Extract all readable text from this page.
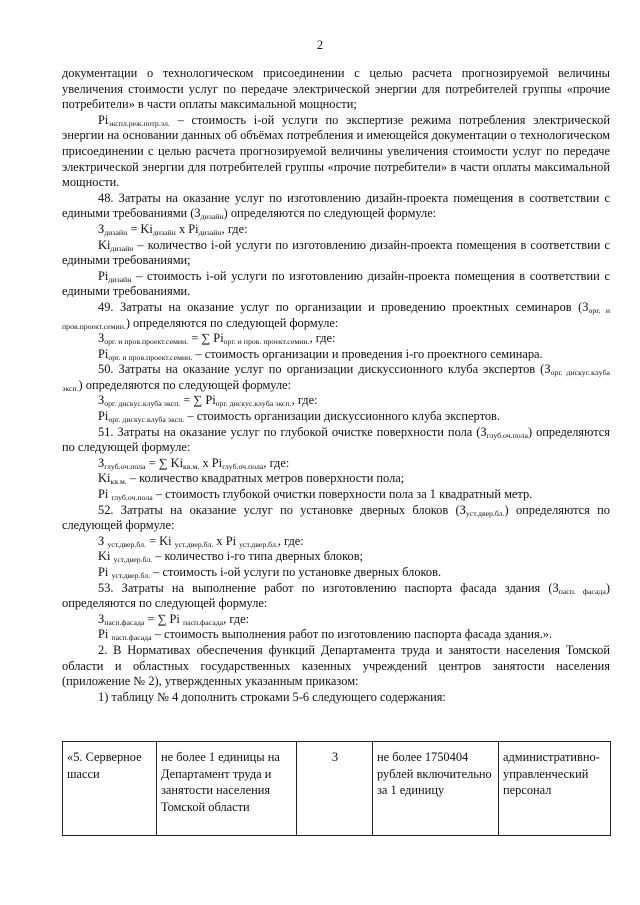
2

документации о технологическом присоединении с целью расчета прогнозируемой величины увеличения стоимости услуг по передаче электрической энергии для потребителей группы «прочие потребители» в части оплаты максимальной мощности;

$Pi_{экспл.реж.потр.эл.}$ – стоимость i-ой услуги по экспертизе режима потребления электрической энергии на основании данных об объёмах потребления и имеющейся документации о технологическом присоединении с целью расчета прогнозируемой величины увеличения стоимости услуг по передаче электрической энергии для потребителей группы «прочие потребители» в части оплаты максимальной мощности.

48. Затраты на оказание услуг по изготовлению дизайн-проекта помещения в соответствии с едиными требованиями $(З_{дизайн})$ определяются по следующей формуле:

$З_{дизайн} = Ki_{дизайн}$ x $Pi_{дизайн}$, где:

$Ki_{дизайн}$ – количество i-ой услуги по изготовлению дизайн-проекта помещения в соответствии с едиными требованиями;

$Pi_{дизайн}$ – стоимость i-ой услуги по изготовлению дизайн-проекта помещения в соответствии с едиными требованиями.

49. Затраты на оказание услуг по организации и проведению проектных семинаров $(З_{орг. и пров.проект.семин.})$ определяются по следующей формуле:

$З_{орг. и пров.проект.семин.}$ = ∑ $Pi_{орг. и пров. проект.семин.}$, где:

$Pi_{орг. и пров.проект.семин.}$ – стоимость организации и проведения i-го проектного семинара.

50. Затраты на оказание услуг по организации дискуссионного клуба экспертов $(З_{орг. дискус.клуба эксп.})$ определяются по следующей формуле:

$З_{орг. дискус.клуба эксп.}$ = ∑ $Pi_{орг. дискус.клуба эксп.}$, где:

$Pi_{орг. дискус.клуба эксп.}$ – стоимость организации дискуссионного клуба экспертов.

51. Затраты на оказание услуг по глубокой очистке поверхности пола $(З_{глуб.оч.пола})$ определяются по следующей формуле:

$З_{глуб.оч.пола}$ = ∑ $Ki_{кв.м.}$ x $Pi_{глуб.оч.пола}$, где:

$Ki_{кв.м.}$ – количество квадратных метров поверхности пола;

Pi $_{глуб.оч.пола}$ – стоимость глубокой очистки поверхности пола за 1 квадратный метр.

52. Затраты на оказание услуг по установке дверных блоков $(З_{уст.двер.бл.})$ определяются по следующей формуле:

З $_{уст.двер.бл.}$ = Ki $_{уст.двер.бл.}$ x Pi $_{уст.двер.бл.}$, где:

Ki $_{уст.двер.бл.}$ – количество i-го типа дверных блоков;

Pi $_{уст.двер.бл.}$ – стоимость i-ой услуги по установке дверных блоков.

53. Затраты на выполнение работ по изготовлению паспорта фасада здания $(З_{пасп. фасада})$ определяются по следующей формуле:

$З_{пасп.фасада}$ = ∑ Pi $_{пасп.фасада}$, где:

Pi $_{пасп.фасада}$ – стоимость выполнения работ по изготовлению паспорта фасада здания.».

2. В Нормативах обеспечения функций Департамента труда и занятости населения Томской области и областных государственных казенных учреждений центров занятости населения (приложение № 2), утвержденных указанным приказом:

1) таблицу № 4 дополнить строками 5-6 следующего содержания:

«5. Серверное шасси	не более 1 единицы на Департамент труда и занятости населения Томской области	3	не более 1750404 рублей включительно за 1 единицу	административно-управленческий персонал
